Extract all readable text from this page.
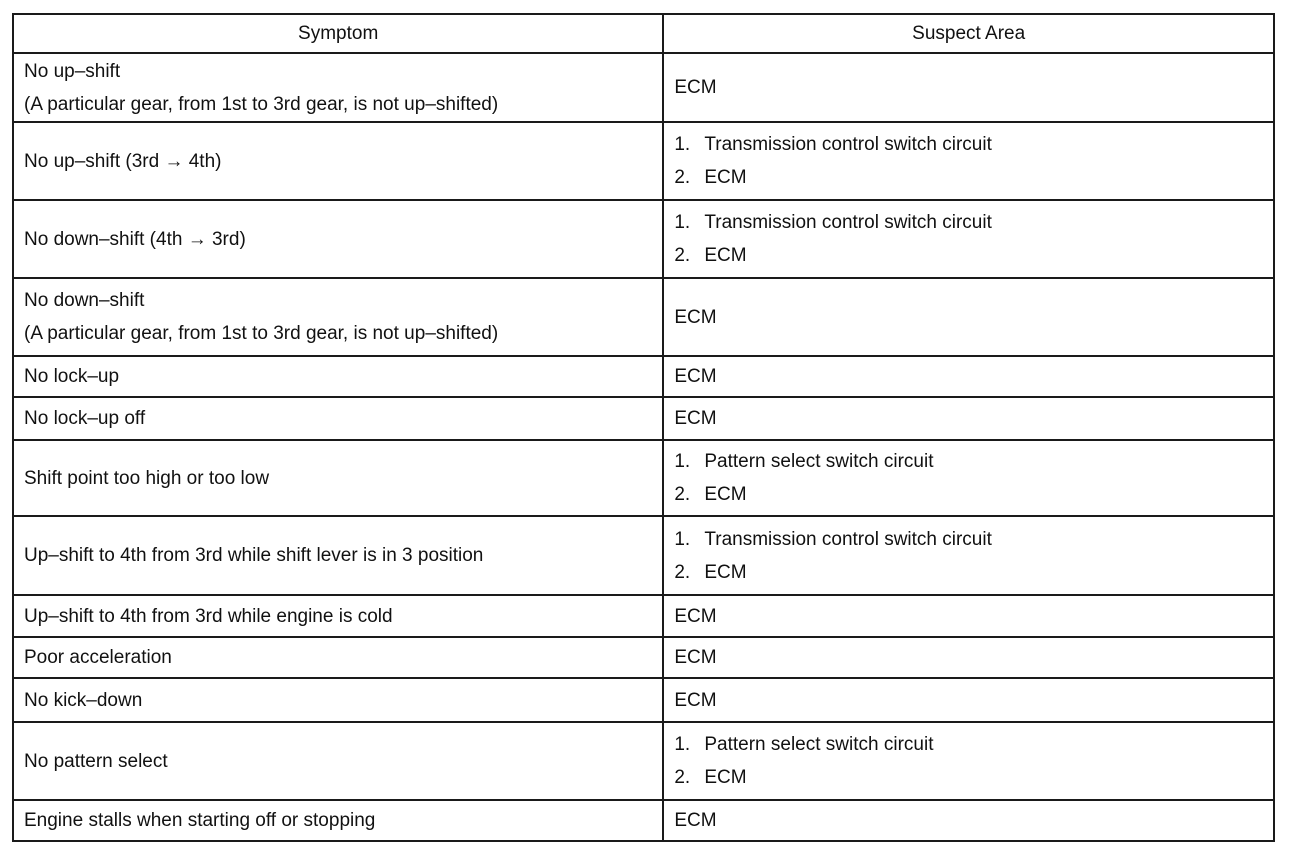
Symptom	Suspect Area

No up–shift
(A particular gear, from 1st to 3rd gear, is not up–shifted)	ECM

No up–shift (3rd → 4th)	1. Transmission control switch circuit
2. ECM

No down–shift (4th → 3rd)	1. Transmission control switch circuit
2. ECM

No down–shift
(A particular gear, from 1st to 3rd gear, is not up–shifted)	ECM

No lock–up	ECM

No lock–up off	ECM

Shift point too high or too low	1. Pattern select switch circuit
2. ECM

Up–shift to 4th from 3rd while shift lever is in 3 position	1. Transmission control switch circuit
2. ECM

Up–shift to 4th from 3rd while engine is cold	ECM

Poor acceleration	ECM

No kick–down	ECM

No pattern select	1. Pattern select switch circuit
2. ECM

Engine stalls when starting off or stopping	ECM
